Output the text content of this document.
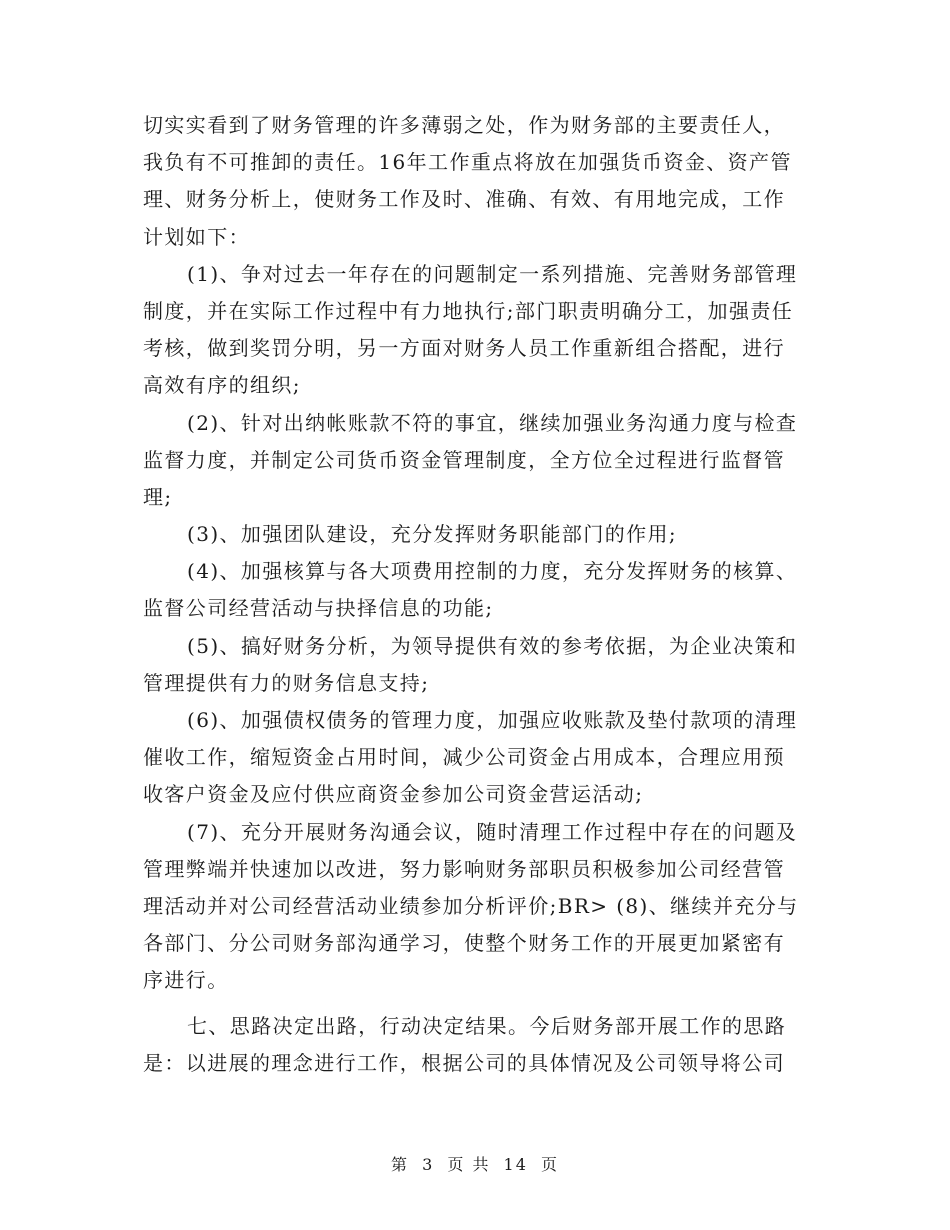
切实实看到了财务管理的许多薄弱之处，作为财务部的主要责任人，
我负有不可推卸的责任。16年工作重点将放在加强货币资金、资产管
理、财务分析上，使财务工作及时、准确、有效、有用地完成，工作
计划如下：
(1)、争对过去一年存在的问题制定一系列措施、完善财务部管理
制度，并在实际工作过程中有力地执行;部门职责明确分工，加强责任
考核，做到奖罚分明，另一方面对财务人员工作重新组合搭配，进行
高效有序的组织;
(2)、针对出纳帐账款不符的事宜，继续加强业务沟通力度与检查
监督力度，并制定公司货币资金管理制度，全方位全过程进行监督管
理;
(3)、加强团队建设，充分发挥财务职能部门的作用;
(4)、加强核算与各大项费用控制的力度，充分发挥财务的核算、
监督公司经营活动与抉择信息的功能;
(5)、搞好财务分析，为领导提供有效的参考依据，为企业决策和
管理提供有力的财务信息支持;
(6)、加强债权债务的管理力度，加强应收账款及垫付款项的清理
催收工作，缩短资金占用时间，减少公司资金占用成本，合理应用预
收客户资金及应付供应商资金参加公司资金营运活动;
(7)、充分开展财务沟通会议，随时清理工作过程中存在的问题及
管理弊端并快速加以改进，努力影响财务部职员积极参加公司经营管
理活动并对公司经营活动业绩参加分析评价;BR> (8)、继续并充分与
各部门、分公司财务部沟通学习，使整个财务工作的开展更加紧密有
序进行。
七、思路决定出路，行动决定结果。今后财务部开展工作的思路
是：以进展的理念进行工作，根据公司的具体情况及公司领导将公司
第 3 页 共 14 页
